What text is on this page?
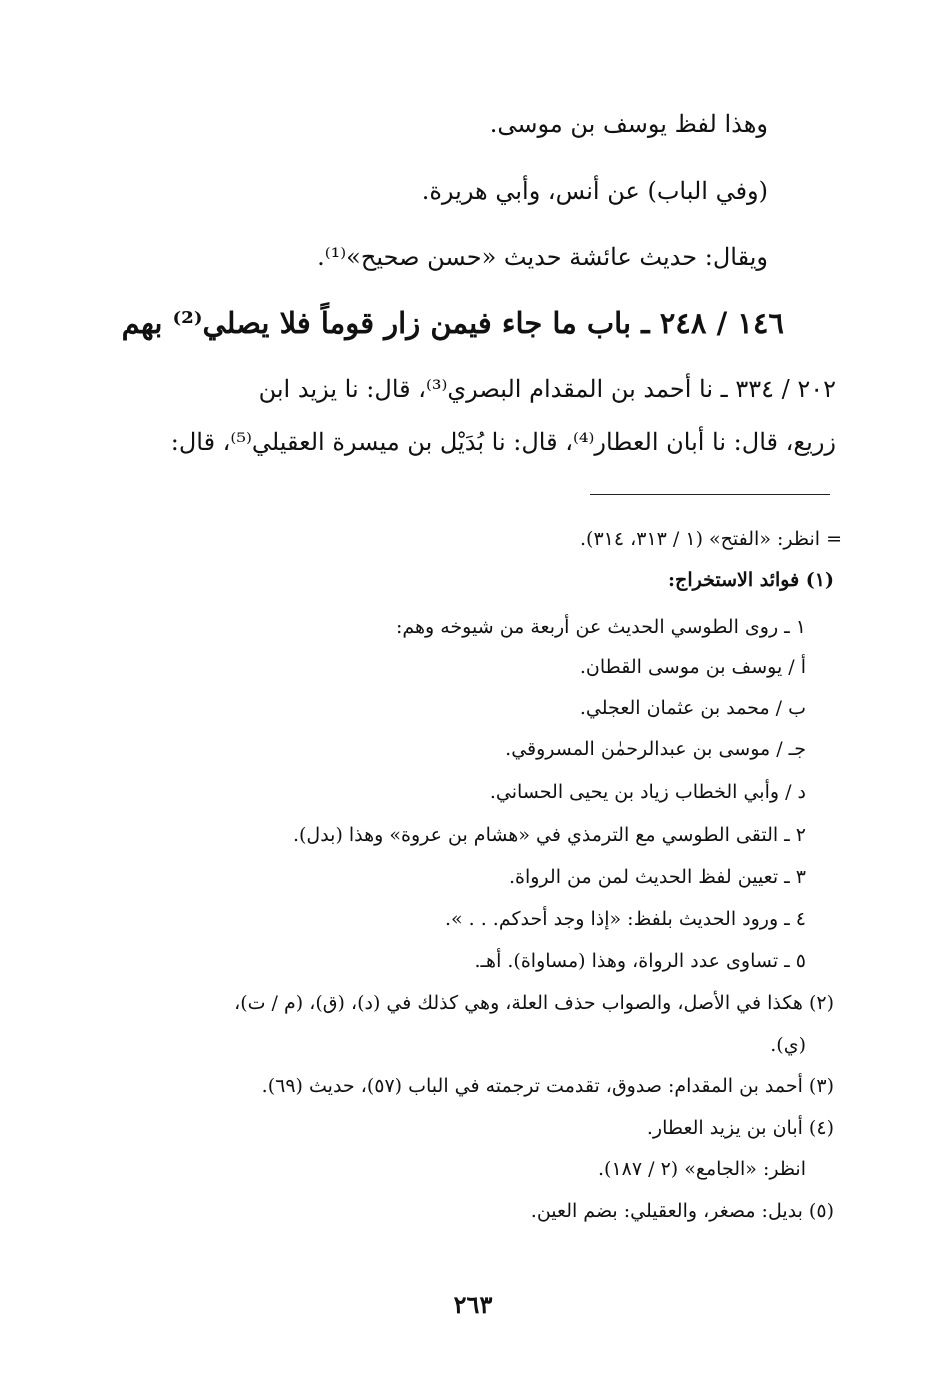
وهذا لفظ يوسف بن موسى.
(وفي الباب) عن أنس، وأبي هريرة.
ويقال: حديث عائشة حديث «حسن صحيح»⁽¹⁾.
١٤٦ / ٢٤٨ ـ باب ما جاء فيمن زار قوماً فلا يصلي⁽²⁾ بهم
٢٠٢ / ٣٣٤ ـ نا أحمد بن المقدام البصري⁽³⁾، قال: نا يزيد ابن
زريع، قال: نا أبان العطار⁽⁴⁾، قال: نا بُدَيْل بن ميسرة العقيلي⁽⁵⁾، قال:
= انظر: «الفتح» (١ / ٣١٣، ٣١٤).
(١) فوائد الاستخراج:
١ ـ روى الطوسي الحديث عن أربعة من شيوخه وهم:
أ / يوسف بن موسى القطان.
ب / محمد بن عثمان العجلي.
جـ / موسى بن عبدالرحمٰن المسروقي.
د / وأبي الخطاب زياد بن يحيى الحساني.
٢ ـ التقى الطوسي مع الترمذي في «هشام بن عروة» وهذا (بدل).
٣ ـ تعيين لفظ الحديث لمن من الرواة.
٤ ـ ورود الحديث بلفظ: «إذا وجد أحدكم. . . ».
٥ ـ تساوى عدد الرواة، وهذا (مساواة). أهـ.
(٢) هكذا في الأصل، والصواب حذف العلة، وهي كذلك في (د)، (ق)، (م / ت)،
(ي).
(٣) أحمد بن المقدام: صدوق، تقدمت ترجمته في الباب (٥٧)، حديث (٦٩).
(٤) أبان بن يزيد العطار.
انظر: «الجامع» (٢ / ١٨٧).
(٥) بديل: مصغر، والعقيلي: بضم العين.
٢٦٣
